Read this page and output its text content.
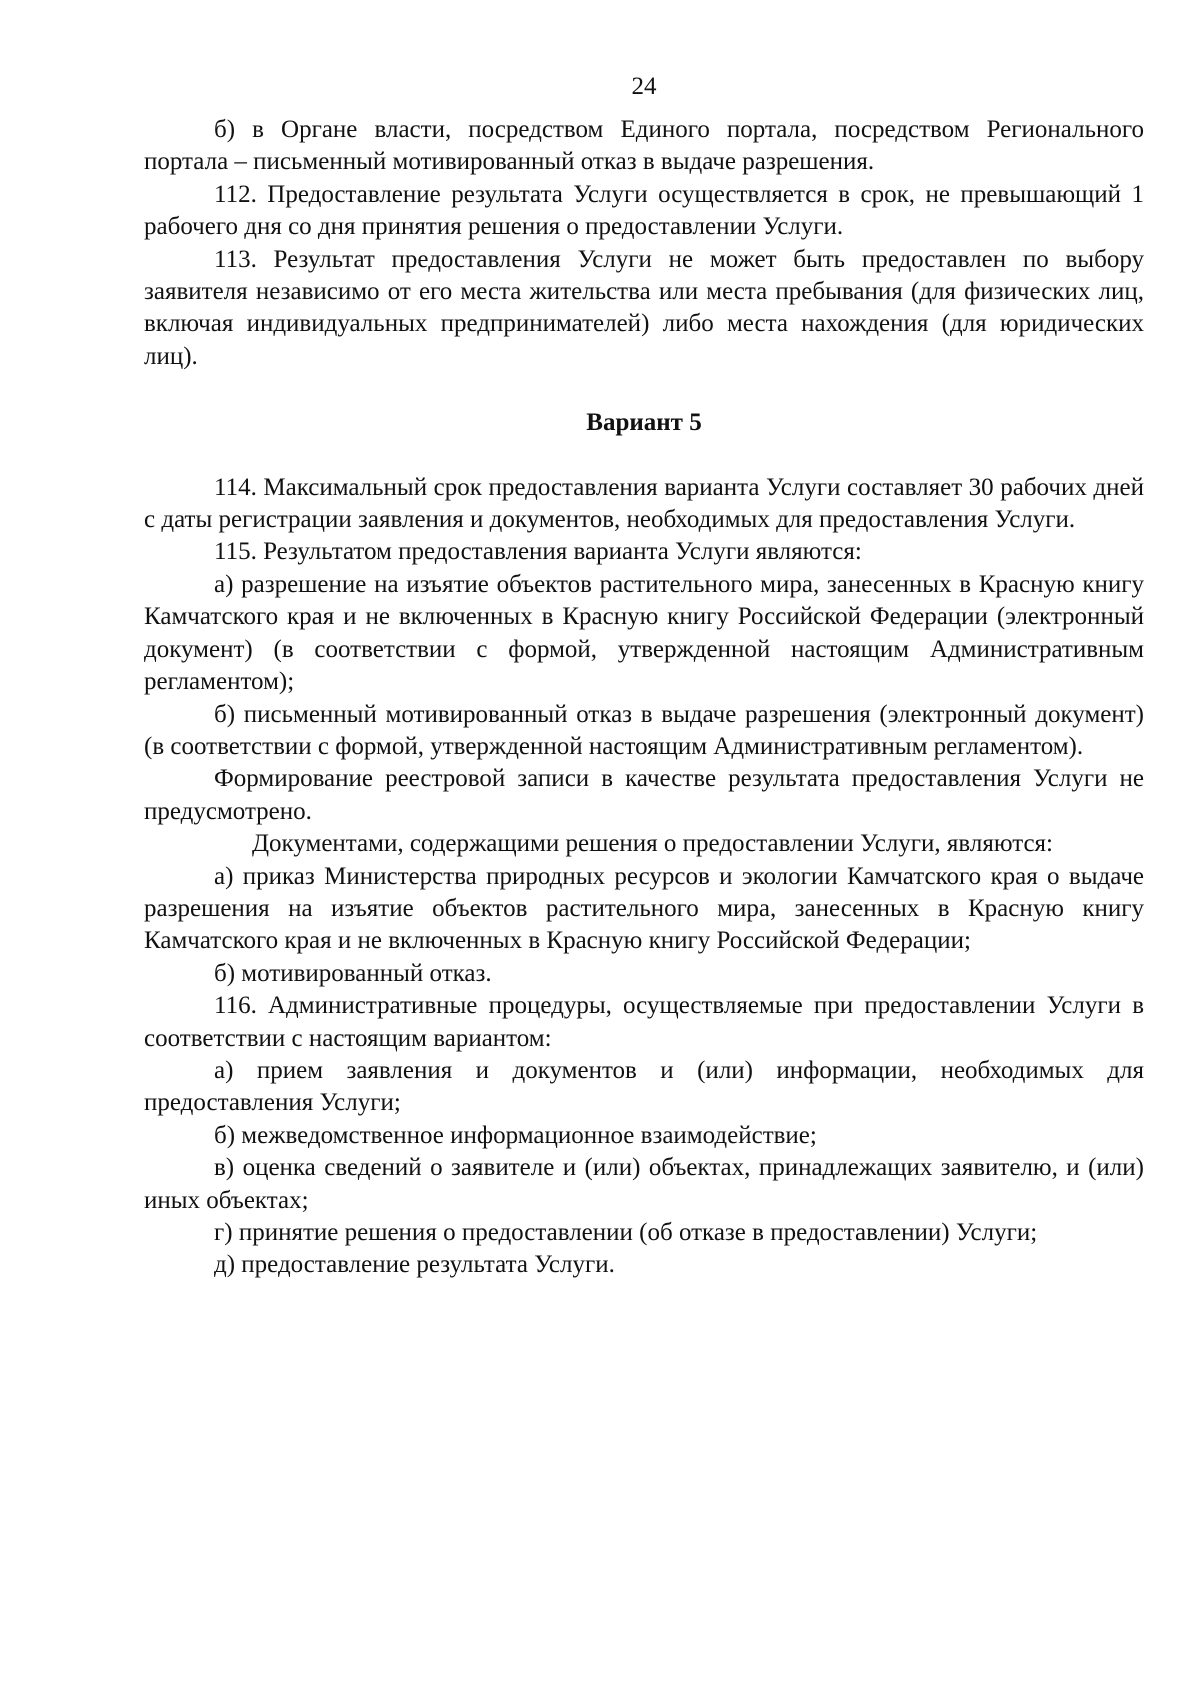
24

б) в Органе власти, посредством Единого портала, посредством Регионального портала – письменный мотивированный отказ в выдаче разрешения.

112. Предоставление результата Услуги осуществляется в срок, не превышающий 1 рабочего дня со дня принятия решения о предоставлении Услуги.

113. Результат предоставления Услуги не может быть предоставлен по выбору заявителя независимо от его места жительства или места пребывания (для физических лиц, включая индивидуальных предпринимателей) либо места нахождения (для юридических лиц).

Вариант 5

114. Максимальный срок предоставления варианта Услуги составляет 30 рабочих дней с даты регистрации заявления и документов, необходимых для предоставления Услуги.

115. Результатом предоставления варианта Услуги являются:

а) разрешение на изъятие объектов растительного мира, занесенных в Красную книгу Камчатского края и не включенных в Красную книгу Российской Федерации (электронный документ) (в соответствии с формой, утвержденной настоящим Административным регламентом);

б) письменный мотивированный отказ в выдаче разрешения (электронный документ) (в соответствии с формой, утвержденной настоящим Административным регламентом).

Формирование реестровой записи в качестве результата предоставления Услуги не предусмотрено.

Документами, содержащими решения о предоставлении Услуги, являются:

а) приказ Министерства природных ресурсов и экологии Камчатского края о выдаче разрешения на изъятие объектов растительного мира, занесенных в Красную книгу Камчатского края и не включенных в Красную книгу Российской Федерации;

б) мотивированный отказ.

116. Административные процедуры, осуществляемые при предоставлении Услуги в соответствии с настоящим вариантом:

а) прием заявления и документов и (или) информации, необходимых для предоставления Услуги;

б) межведомственное информационное взаимодействие;

в) оценка сведений о заявителе и (или) объектах, принадлежащих заявителю, и (или) иных объектах;

г) принятие решения о предоставлении (об отказе в предоставлении) Услуги;

д) предоставление результата Услуги.
